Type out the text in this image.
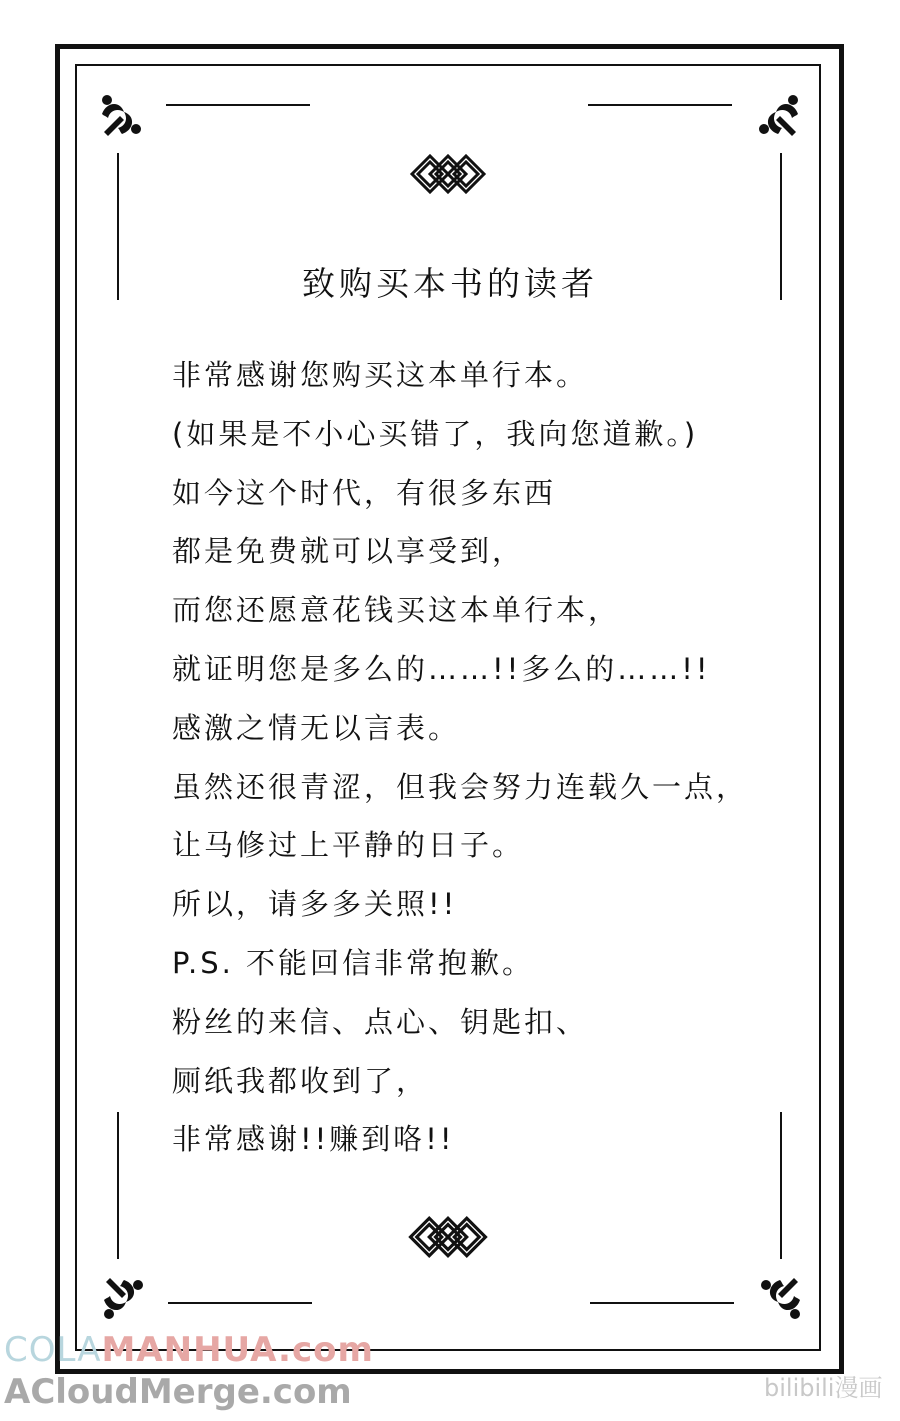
致购买本书的读者
非常感谢您购买这本单行本。
(如果是不小心买错了，我向您道歉。)
如今这个时代，有很多东西
都是免费就可以享受到，
而您还愿意花钱买这本单行本，
就证明您是多么的……!!多么的……!!
感激之情无以言表。
虽然还很青涩，但我会努力连载久一点，
让马修过上平静的日子。
所以，请多多关照!!
P.S. 不能回信非常抱歉。
粉丝的来信、点心、钥匙扣、
厕纸我都收到了，
非常感谢!!赚到咯!!
COLAMANHUA.com
ACloudMerge.com	bilibili漫画
